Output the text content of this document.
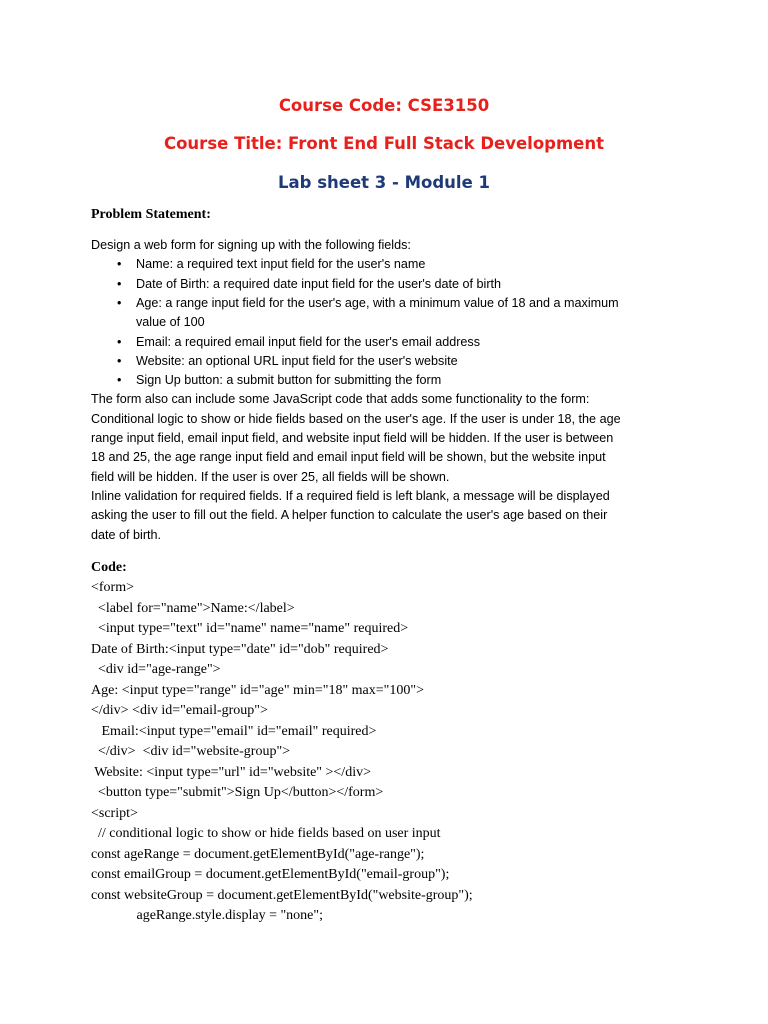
Course Code: CSE3150
Course Title: Front End Full Stack Development
Lab sheet 3 - Module 1
Problem Statement:
Design a web form for signing up with the following fields:
• Name: a required text input field for the user's name
• Date of Birth: a required date input field for the user's date of birth
• Age: a range input field for the user's age, with a minimum value of 18 and a maximum
value of 100
• Email: a required email input field for the user's email address
• Website: an optional URL input field for the user's website
• Sign Up button: a submit button for submitting the form
The form also can include some JavaScript code that adds some functionality to the form:
Conditional logic to show or hide fields based on the user's age. If the user is under 18, the age
range input field, email input field, and website input field will be hidden. If the user is between
18 and 25, the age range input field and email input field will be shown, but the website input
field will be hidden. If the user is over 25, all fields will be shown.
Inline validation for required fields. If a required field is left blank, a message will be displayed
asking the user to fill out the field. A helper function to calculate the user's age based on their
date of birth.
Code:
<form>
<label for="name">Name:</label>
<input type="text" id="name" name="name" required>
Date of Birth:<input type="date" id="dob" required>
<div id="age-range">
Age: <input type="range" id="age" min="18" max="100">
</div> <div id="email-group">
Email:<input type="email" id="email" required>
</div>  <div id="website-group">
Website: <input type="url" id="website" ></div>
<button type="submit">Sign Up</button></form>
<script>
// conditional logic to show or hide fields based on user input
const ageRange = document.getElementById("age-range");
const emailGroup = document.getElementById("email-group");
const websiteGroup = document.getElementById("website-group");
ageRange.style.display = "none";
